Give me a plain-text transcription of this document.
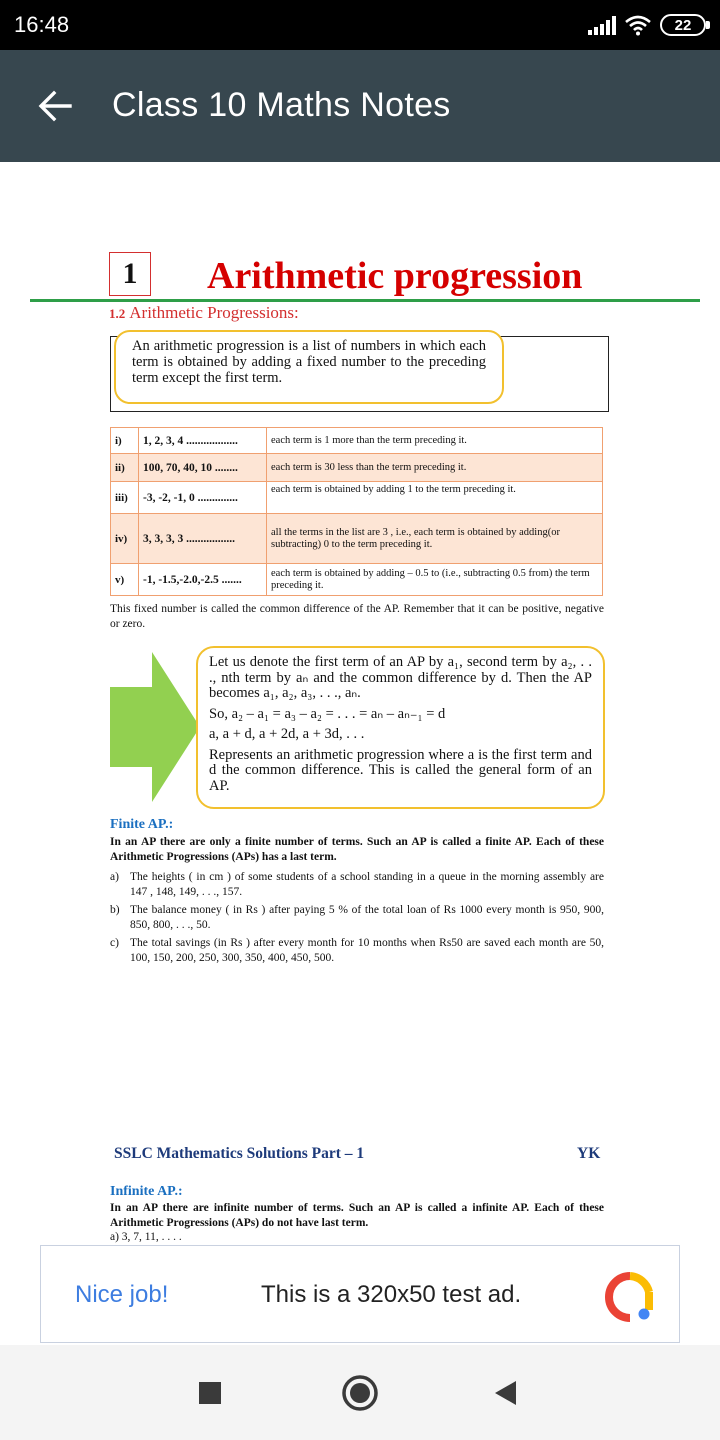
16:48	22
Class 10 Maths Notes
1	Arithmetic progression
1.2 Arithmetic Progressions:
An arithmetic progression is a list of numbers in which each term is obtained by adding a fixed number to the preceding term except the first term.
i)	1, 2, 3, 4 ..................	each term is 1 more than the term preceding it.
ii)	100, 70, 40, 10 ........	each term is 30 less than the term preceding it.
iii)	-3, -2, -1, 0 ..............	each term is obtained by adding 1 to the term preceding it.
iv)	3, 3, 3, 3 .................	all the terms in the list are 3 , i.e., each term is obtained by adding(or subtracting) 0 to the term preceding it.
v)	-1, -1.5,-2.0,-2.5 .......	each term is obtained by adding – 0.5 to (i.e., subtracting 0.5 from) the term preceding it.
This fixed number is called the common difference of the AP. Remember that it can be positive, negative or zero.

Let us denote the first term of an AP by a₁, second term by a₂, . . ., nth term by aₙ and the common difference by d. Then the AP becomes a₁, a₂, a₃, . . ., aₙ.

So, a₂ – a₁ = a₃ – a₂ = . . . = aₙ – aₙ₋₁ = d

a, a + d, a + 2d, a + 3d, . . .

Represents an arithmetic progression where a is the first term and d the common difference. This is called the general form of an AP.

Finite AP.:
In an AP there are only a finite number of terms. Such an AP is called a finite AP. Each of these Arithmetic Progressions (APs) has a last term.
a) The heights ( in cm ) of some students of a school standing in a queue in the morning assembly are 147 , 148, 149, . . ., 157.
b) The balance money ( in Rs ) after paying 5 % of the total loan of Rs 1000 every month is 950, 900, 850, 800, . . ., 50.
c) The total savings (in Rs ) after every month for 10 months when Rs50 are saved each month are 50, 100, 150, 200, 250, 300, 350, 400, 450, 500.
SSLC Mathematics Solutions Part – 1	YK
Infinite AP.:
In an AP there are infinite number of terms. Such an AP is called a infinite AP. Each of these Arithmetic Progressions (APs) do not have last term.
a) 3, 7, 11, . . . .
Nice job!	This is a 320x50 test ad.
